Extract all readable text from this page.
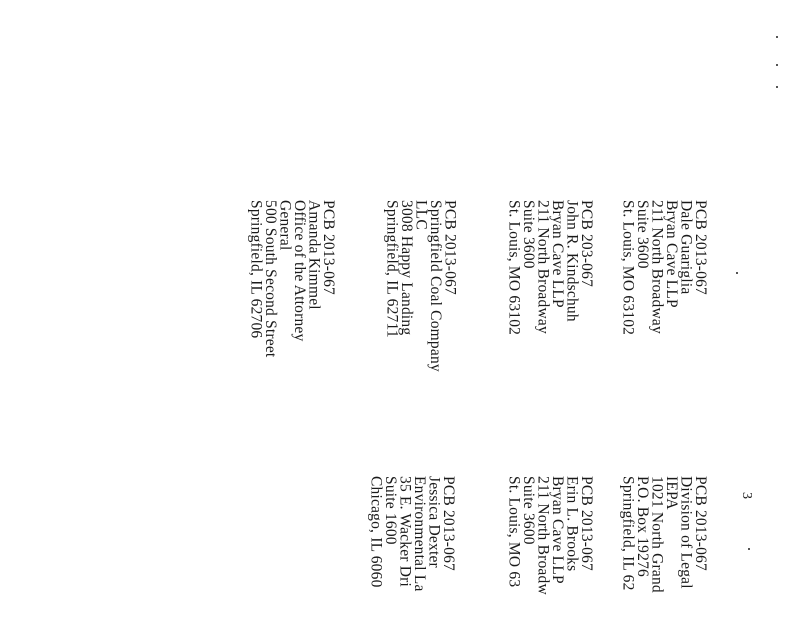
3
PCB 2013-067
Dale Guariglia
Bryan Cave LLP
211 North Broadway
Suite 3600
St. Louis, MO 63102
PCB 2013-067
Division of Legal
IEPA
1021 North Grand
P.O. Box 19276
Springfield, IL 62
PCB 203-067
John R. Kindschuh
Bryan Cave LLP
211 North Broadway
Suite 3600
St. Louis, MO 63102
PCB 2013-067
Erin L. Brooks
Bryan Cave LLP
211 North Broadw
Suite 3600
St. Louis, MO 63
PCB 2013-067
Springfield Coal Company
LLC
3008 Happy Landing
Springfield, IL 62711
PCB 2013-067
Jessica Dexter
Environmental La
35 E. Wacker Dri
Suite 1600
Chicago, IL 6060
PCB 2013-067
Amanda Kimmel
Office of the Attorney
General
500 South Second Street
Springfield, IL 62706
